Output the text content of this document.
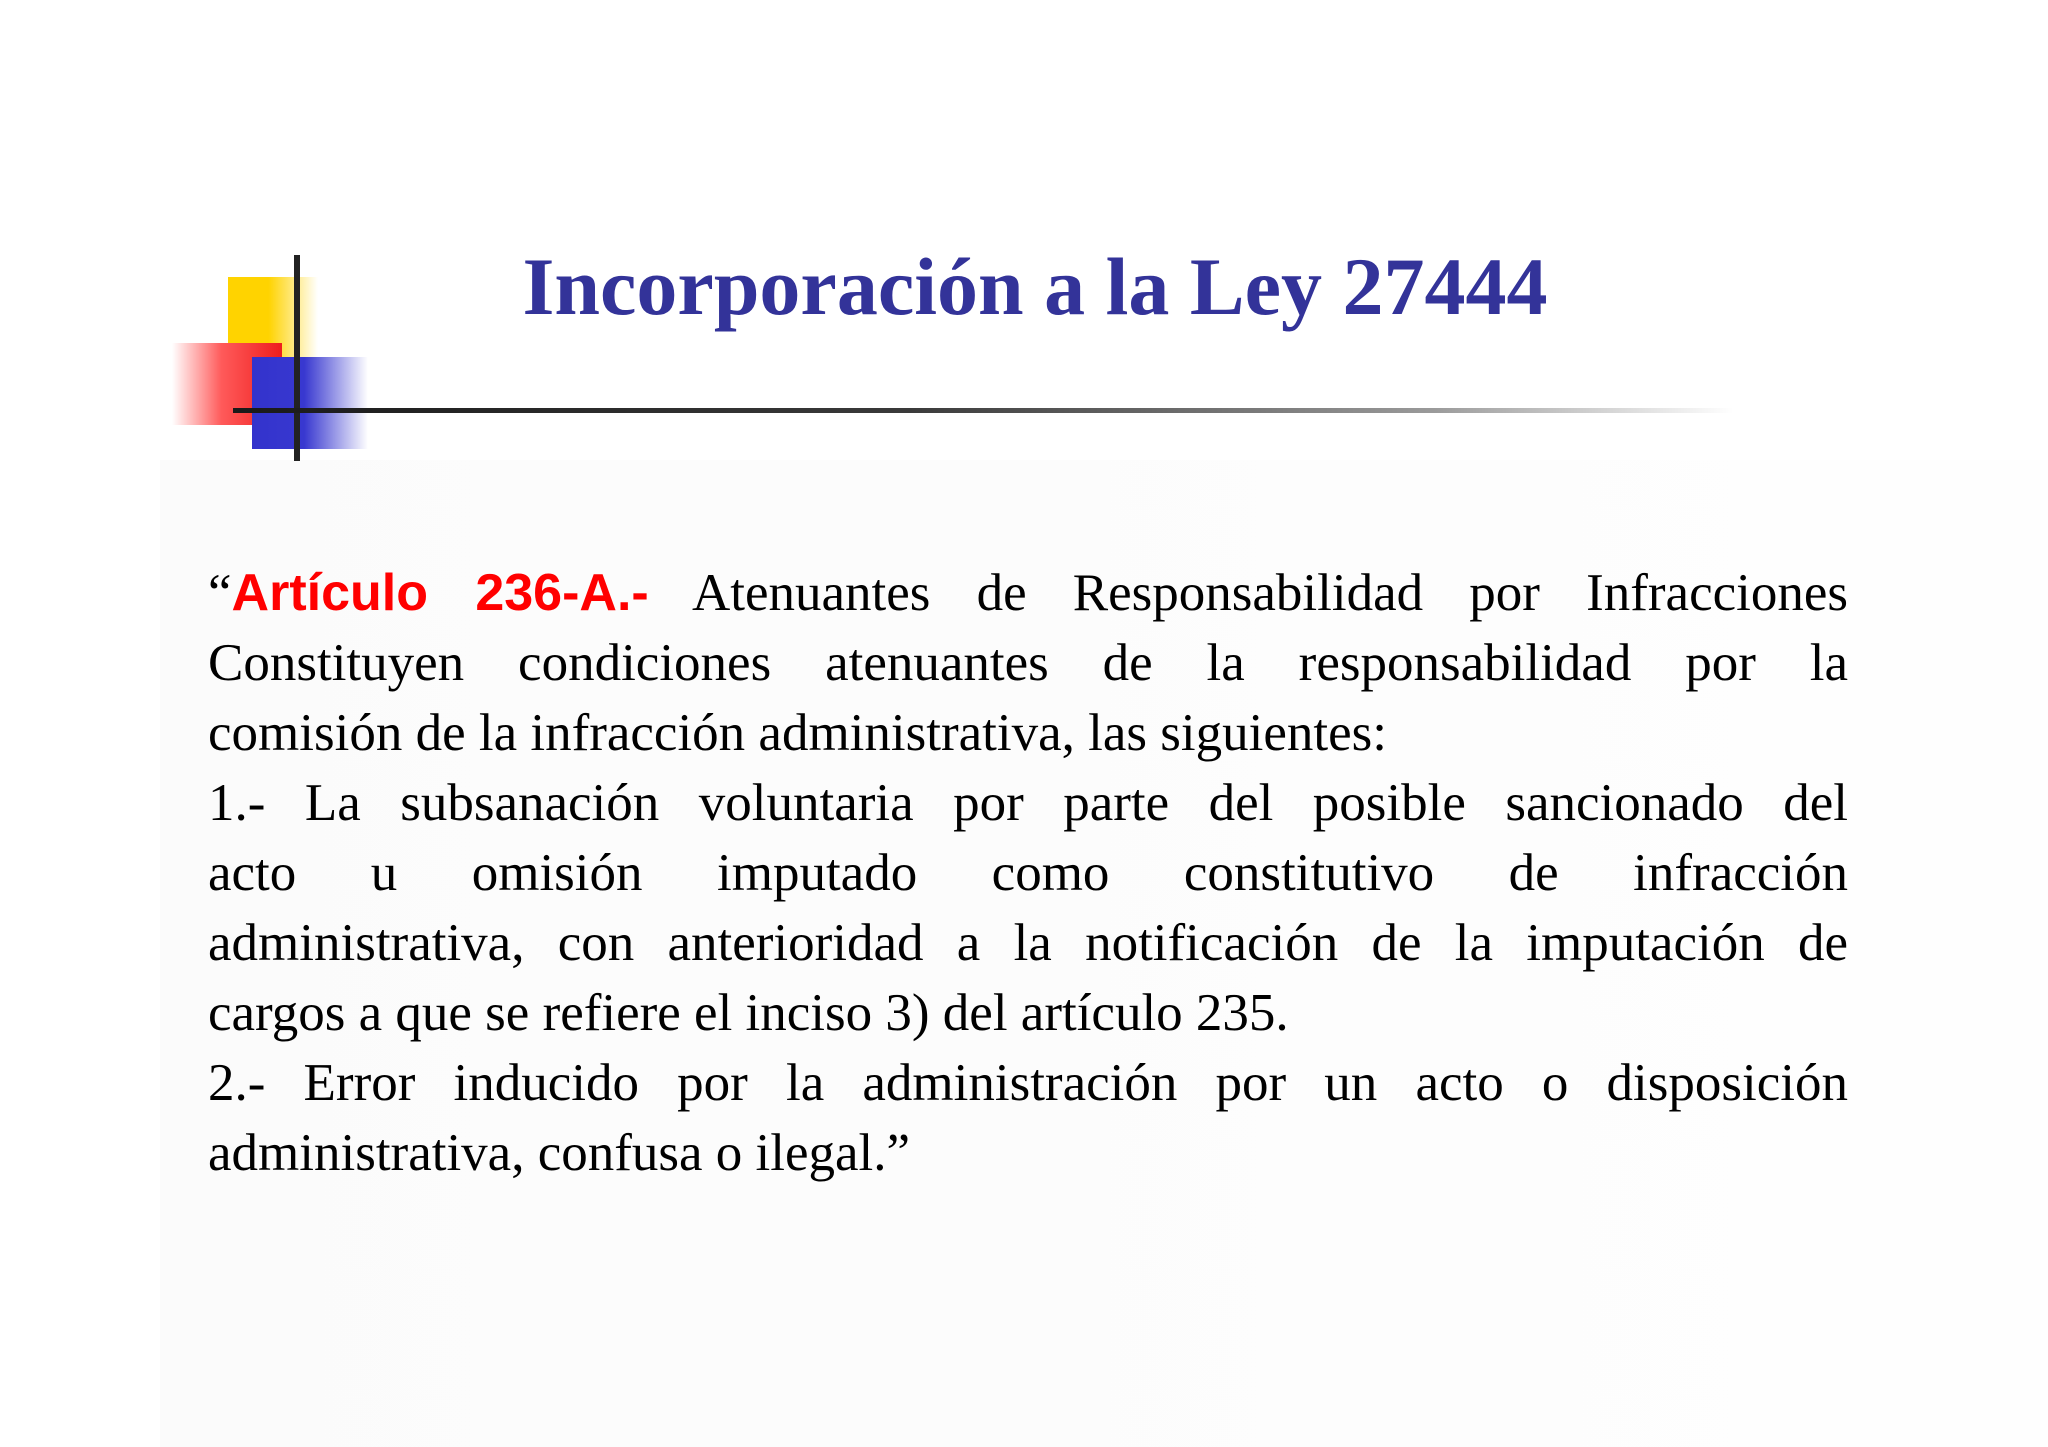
Incorporación a la Ley 27444
“Artículo 236-A.- Atenuantes de Responsabilidad por Infracciones
Constituyen condiciones atenuantes de la responsabilidad por la
comisión de la infracción administrativa, las siguientes:
1.- La subsanación voluntaria por parte del posible sancionado del
acto u omisión imputado como constitutivo de infracción
administrativa, con anterioridad a la notificación de la imputación de
cargos a que se refiere el inciso 3) del artículo 235.
2.- Error inducido por la administración por un acto o disposición
administrativa, confusa o ilegal.”
